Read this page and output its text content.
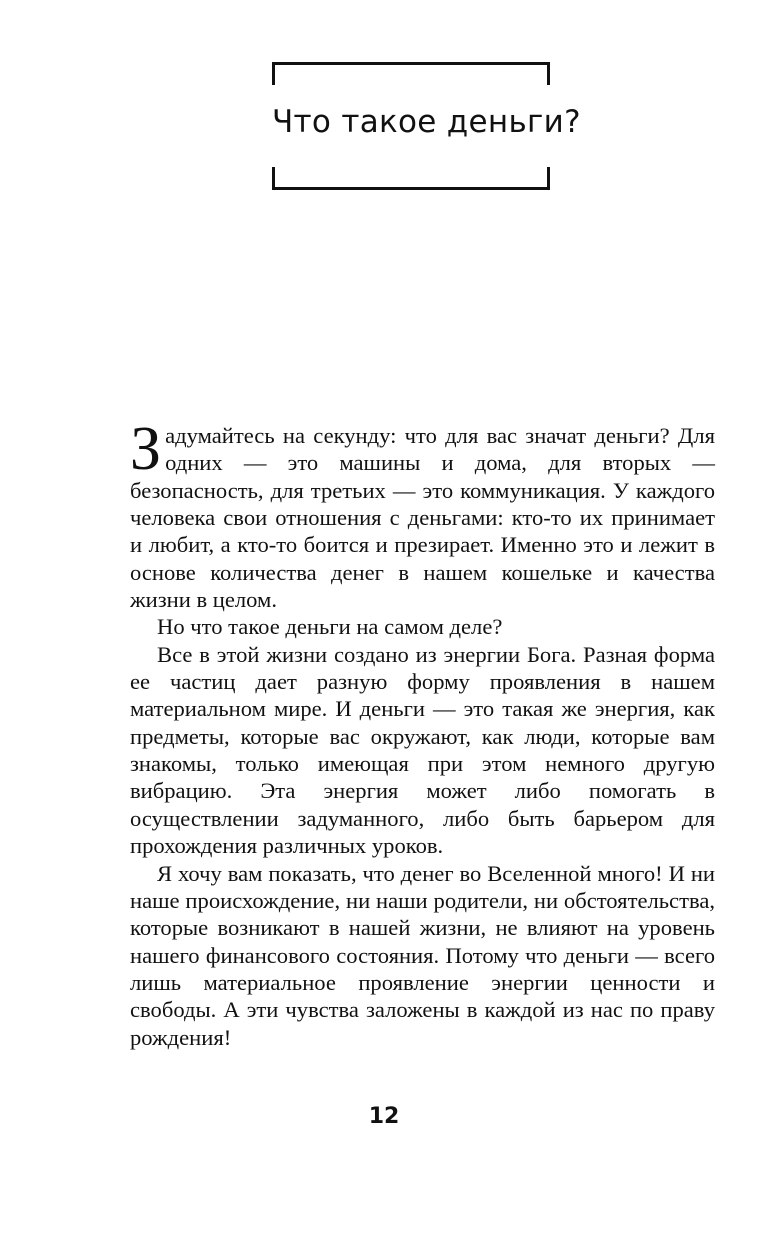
Что такое деньги?

Задумайтесь на секунду: что для вас значат деньги? Для одних — это машины и дома, для вторых — безопасность, для третьих — это коммуникация. У каждого человека свои отношения с деньгами: кто-то их принимает и любит, а кто-то боится и презирает. Именно это и лежит в основе количества денег в нашем кошельке и качества жизни в целом.

Но что такое деньги на самом деле?

Все в этой жизни создано из энергии Бога. Разная форма ее частиц дает разную форму проявления в нашем материальном мире. И деньги — это такая же энергия, как предметы, которые вас окружают, как люди, которые вам знакомы, только имеющая при этом немного другую вибрацию. Эта энергия может либо помогать в осуществлении задуманного, либо быть барьером для прохождения различных уроков.

Я хочу вам показать, что денег во Вселенной много! И ни наше происхождение, ни наши родители, ни обстоятельства, которые возникают в нашей жизни, не влияют на уровень нашего финансового состояния. Потому что деньги — всего лишь материальное проявление энергии ценности и свободы. А эти чувства заложены в каждой из нас по праву рождения!

12
